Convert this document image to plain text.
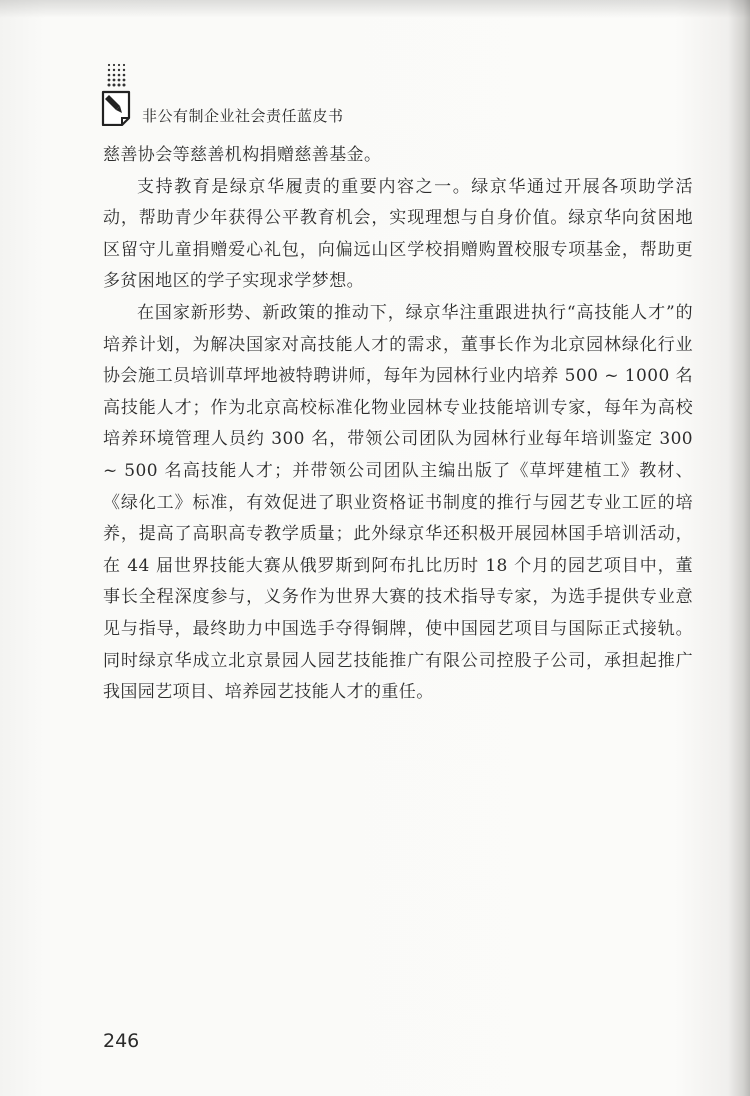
非公有制企业社会责任蓝皮书

慈善协会等慈善机构捐赠慈善基金。

支持教育是绿京华履责的重要内容之一。绿京华通过开展各项助学活动，帮助青少年获得公平教育机会，实现理想与自身价值。绿京华向贫困地区留守儿童捐赠爱心礼包，向偏远山区学校捐赠购置校服专项基金，帮助更多贫困地区的学子实现求学梦想。

在国家新形势、新政策的推动下，绿京华注重跟进执行“高技能人才”的培养计划，为解决国家对高技能人才的需求，董事长作为北京园林绿化行业协会施工员培训草坪地被特聘讲师，每年为园林行业内培养 500 ~ 1000 名高技能人才；作为北京高校标准化物业园林专业技能培训专家，每年为高校培养环境管理人员约 300 名，带领公司团队为园林行业每年培训鉴定 300 ~ 500 名高技能人才；并带领公司团队主编出版了《草坪建植工》教材、《绿化工》标准，有效促进了职业资格证书制度的推行与园艺专业工匠的培养，提高了高职高专教学质量；此外绿京华还积极开展园林国手培训活动，在 44 届世界技能大赛从俄罗斯到阿布扎比历时 18 个月的园艺项目中，董事长全程深度参与，义务作为世界大赛的技术指导专家，为选手提供专业意见与指导，最终助力中国选手夺得铜牌，使中国园艺项目与国际正式接轨。同时绿京华成立北京景园人园艺技能推广有限公司控股子公司，承担起推广我国园艺项目、培养园艺技能人才的重任。

246
